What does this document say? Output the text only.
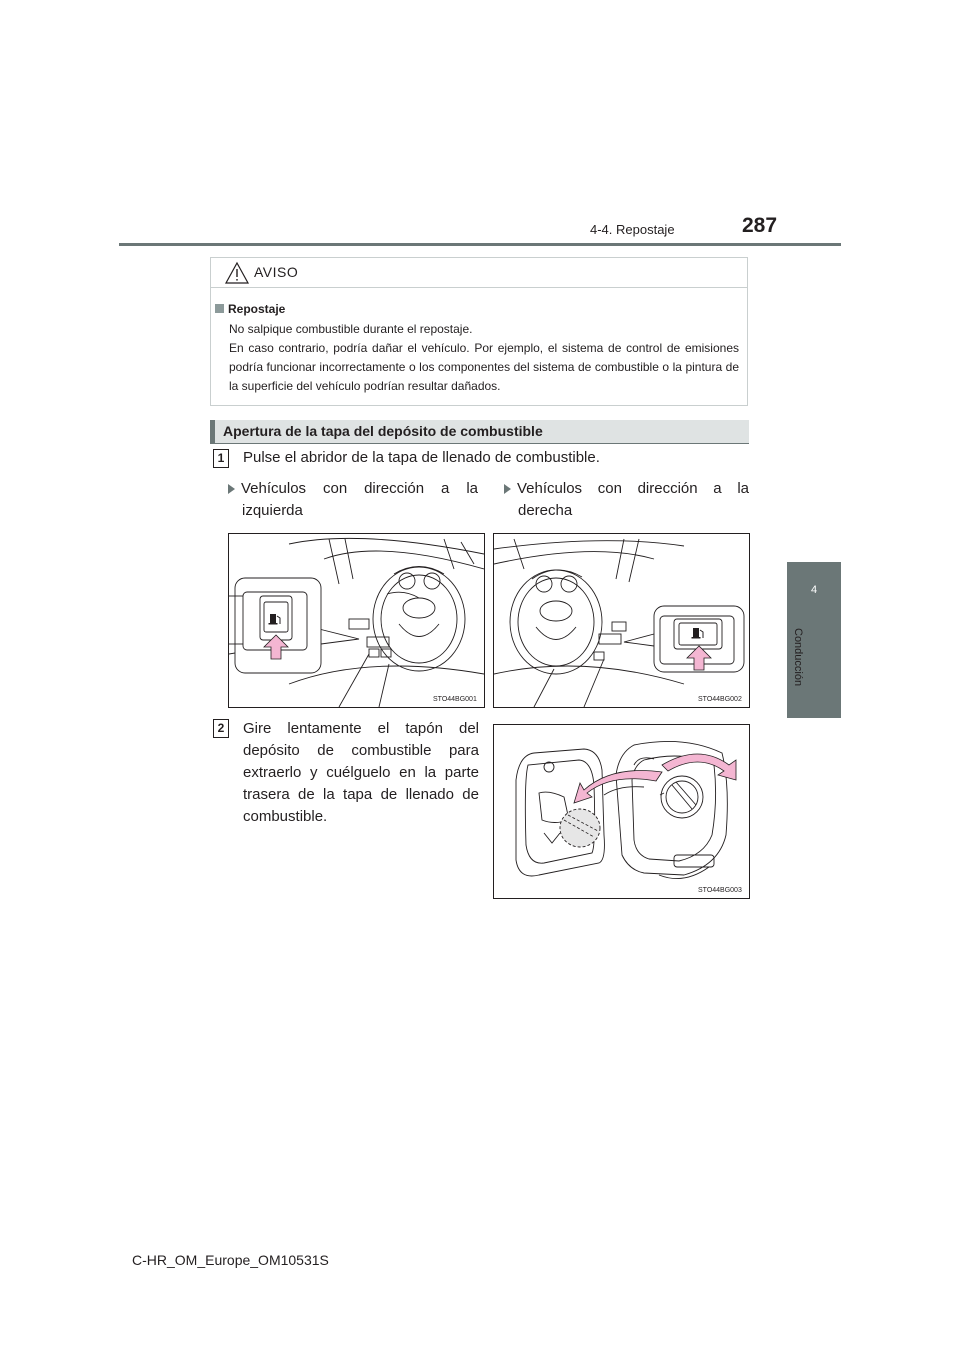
4-4. Repostaje	287
4
Conducción
AVISO
Repostaje
No salpique combustible durante el repostaje.
En caso contrario, podría dañar el vehículo. Por ejemplo, el sistema de control de emisiones podría funcionar incorrectamente o los componentes del sistema de combustible o la pintura de la superficie del vehículo podrían resultar dañados.
Apertura de la tapa del depósito de combustible
1	Pulse el abridor de la tapa de llenado de combustible.
Vehículos con dirección a la
izquierda
Vehículos con dirección a la
derecha
STO44BG001	STO44BG002
2	Gire lentamente el tapón del depósito de combustible para extraerlo y cuélguelo en la parte trasera de la tapa de llenado de combustible.
STO44BG003
C-HR_OM_Europe_OM10531S
